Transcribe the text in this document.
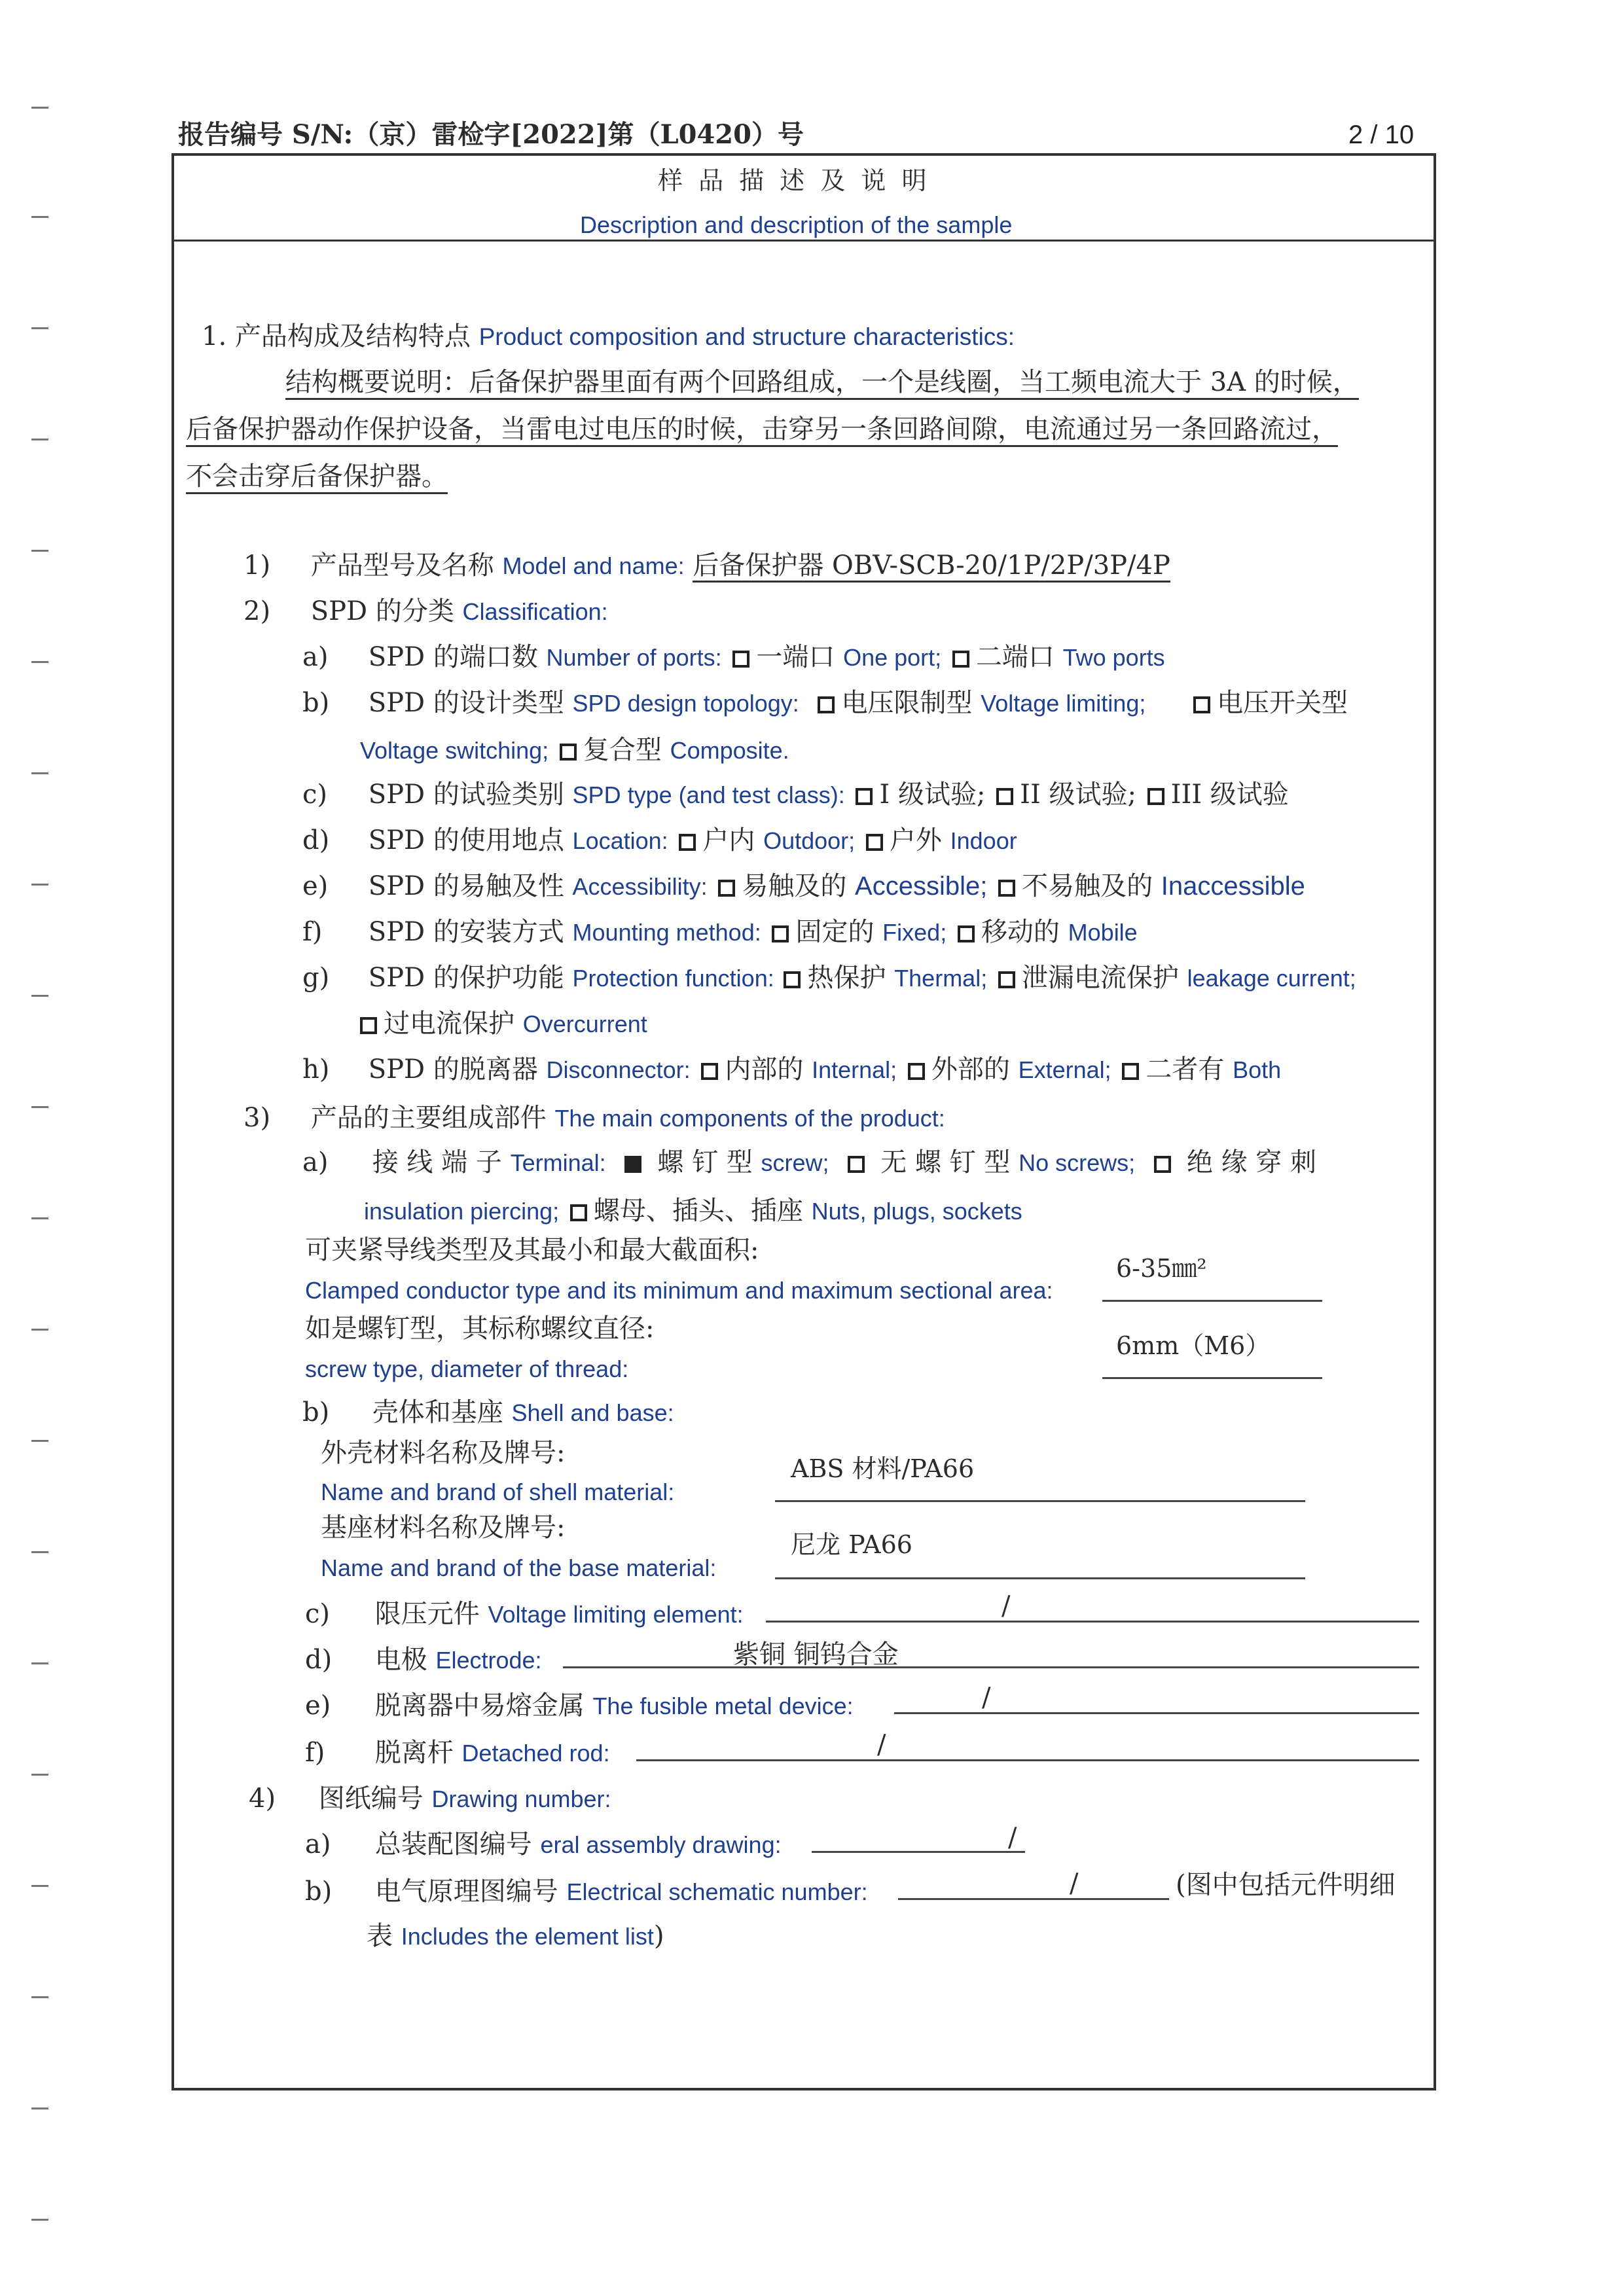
报告编号 S/N:（京）雷检字[2022]第（L0420）号	2 / 10
样 品 描 述 及 说 明
Description and description of the sample
1. 产品构成及结构特点 Product composition and structure characteristics:
结构概要说明：后备保护器里面有两个回路组成，一个是线圈，当工频电流大于 3A 的时候，
后备保护器动作保护设备，当雷电过电压的时候，击穿另一条回路间隙，电流通过另一条回路流过，
不会击穿后备保护器。
1) 产品型号及名称 Model and name: 后备保护器 OBV-SCB-20/1P/2P/3P/4P
2) SPD 的分类 Classification:
a) SPD 的端口数 Number of ports: 一端口 One port; 二端口 Two ports
b) SPD 的设计类型 SPD design topology: 电压限制型 Voltage limiting;	电压开关型
Voltage switching; 复合型 Composite.
c) SPD 的试验类别 SPD type (and test class): I 级试验; II 级试验; III 级试验
d) SPD 的使用地点 Location: 户内 Outdoor; 户外 Indoor
e) SPD 的易触及性 Accessibility: 易触及的 Accessible; 不易触及的 Inaccessible
f) SPD 的安装方式 Mounting method: 固定的 Fixed; 移动的 Mobile
g) SPD 的保护功能 Protection function: 热保护 Thermal; 泄漏电流保护 leakage current;
过电流保护 Overcurrent
h) SPD 的脱离器 Disconnector: 内部的 Internal; 外部的 External; 二者有 Both
3) 产品的主要组成部件 The main components of the product:
a) 接 线 端 子 Terminal: 螺 钉 型 screw; 无 螺 钉 型 No screws; 绝 缘 穿 刺
insulation piercing; 螺母、插头、插座 Nuts, plugs, sockets
可夹紧导线类型及其最小和最大截面积:
Clamped conductor type and its minimum and maximum sectional area:
6-35㎜²
如是螺钉型，其标称螺纹直径:
screw type, diameter of thread:
6mm（M6）
b) 壳体和基座 Shell and base:
外壳材料名称及牌号:
Name and brand of shell material:
ABS 材料/PA66
基座材料名称及牌号:
Name and brand of the base material:
尼龙 PA66
c) 限压元件 Voltage limiting element:	/
d) 电极 Electrode:	紫铜 铜钨合金
e) 脱离器中易熔金属 The fusible metal device:	/
f) 脱离杆 Detached rod:	/
4) 图纸编号 Drawing number:
a) 总装配图编号 eral assembly drawing:	/
b) 电气原理图编号 Electrical schematic number:	/	(图中包括元件明细
表 Includes the element list)
